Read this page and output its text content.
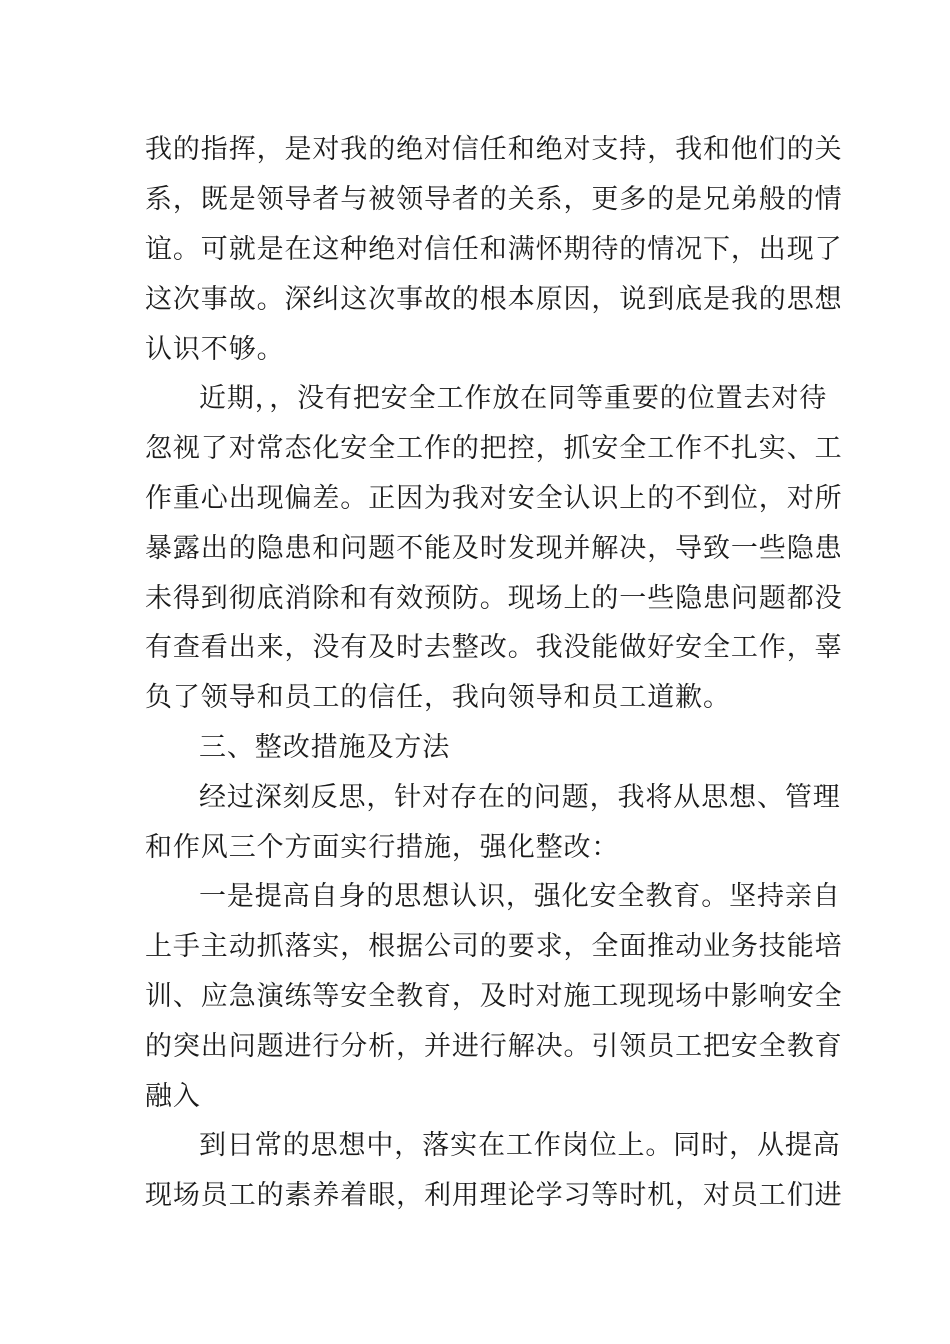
我的指挥，是对我的绝对信任和绝对支持，我和他们的关

系，既是领导者与被领导者的关系，更多的是兄弟般的情

谊。可就是在这种绝对信任和满怀期待的情况下，出现了

这次事故。深纠这次事故的根本原因，说到底是我的思想

认识不够。

近期，，没有把安全工作放在同等重要的位置去对待

忽视了对常态化安全工作的把控，抓安全工作不扎实、工

作重心出现偏差。正因为我对安全认识上的不到位，对所

暴露出的隐患和问题不能及时发现并解决，导致一些隐患

未得到彻底消除和有效预防。现场上的一些隐患问题都没

有查看出来，没有及时去整改。我没能做好安全工作，辜

负了领导和员工的信任，我向领导和员工道歉。

三、整改措施及方法

经过深刻反思，针对存在的问题，我将从思想、管理

和作风三个方面实行措施，强化整改：

一是提高自身的思想认识，强化安全教育。坚持亲自

上手主动抓落实，根据公司的要求，全面推动业务技能培

训、应急演练等安全教育，及时对施工现现场中影响安全

的突出问题进行分析，并进行解决。引领员工把安全教育

融入

到日常的思想中，落实在工作岗位上。同时，从提高

现场员工的素养着眼，利用理论学习等时机，对员工们进
